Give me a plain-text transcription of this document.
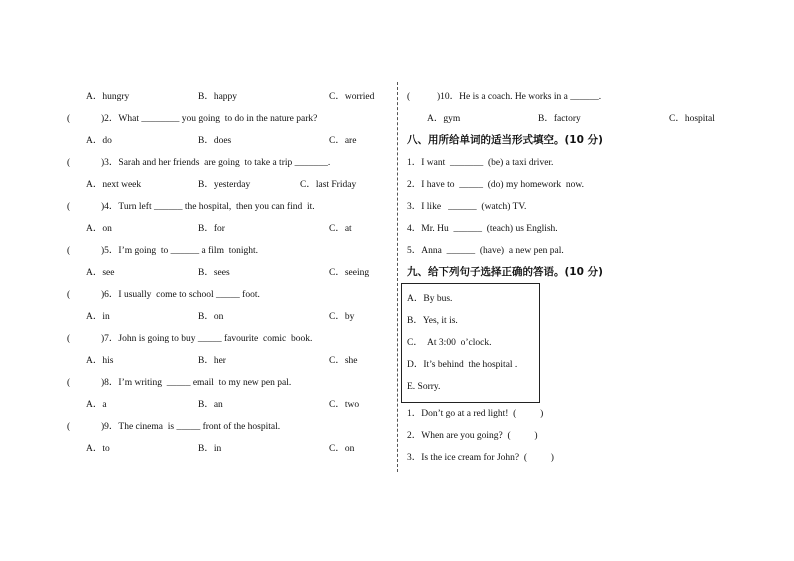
A．hungry	B．happy	C．worried
(	)2．What ________ you going  to do in the nature park?
A．do	B．does	C．are
(	)3．Sarah and her friends  are going  to take a trip _______.
A．next week	B．yesterday	C．last Friday
(	)4．Turn left ______ the hospital,  then you can find  it.
A．on	B．for	C．at
(	)5．I’m going  to ______ a film  tonight.
A．see	B．sees	C．seeing
(	)6．I usually  come to school _____ foot.
A．in	B．on	C．by
(	)7．John is going to buy _____ favourite  comic  book.
A．his	B．her	C．she
(	)8．I’m writing  _____ email  to my new pen pal.
A．a	B．an	C．two
(	)9．The cinema  is _____ front of the hospital.
A．to	B．in	C．on
(	)10．He is a coach. He works in a ______.
A．gym	B．factory	C．hospital
八、用所给单词的适当形式填空。(10 分)
1．I want  _______  (be) a taxi driver.
2．I have to  _____  (do) my homework  now.
3．I like   ______  (watch) TV.
4．Mr. Hu  ______  (teach) us English.
5．Anna  ______  (have)  a new pen pal.
九、给下列句子选择正确的答语。(10 分)
A．By bus.
B．Yes, it is.
C．  At 3:00  o’clock.
D．It’s behind  the hospital .
E. Sorry.
1．Don’t go at a red light!  (          )
2．When are you going?  (          )
3．Is the ice cream for John?  (          )
